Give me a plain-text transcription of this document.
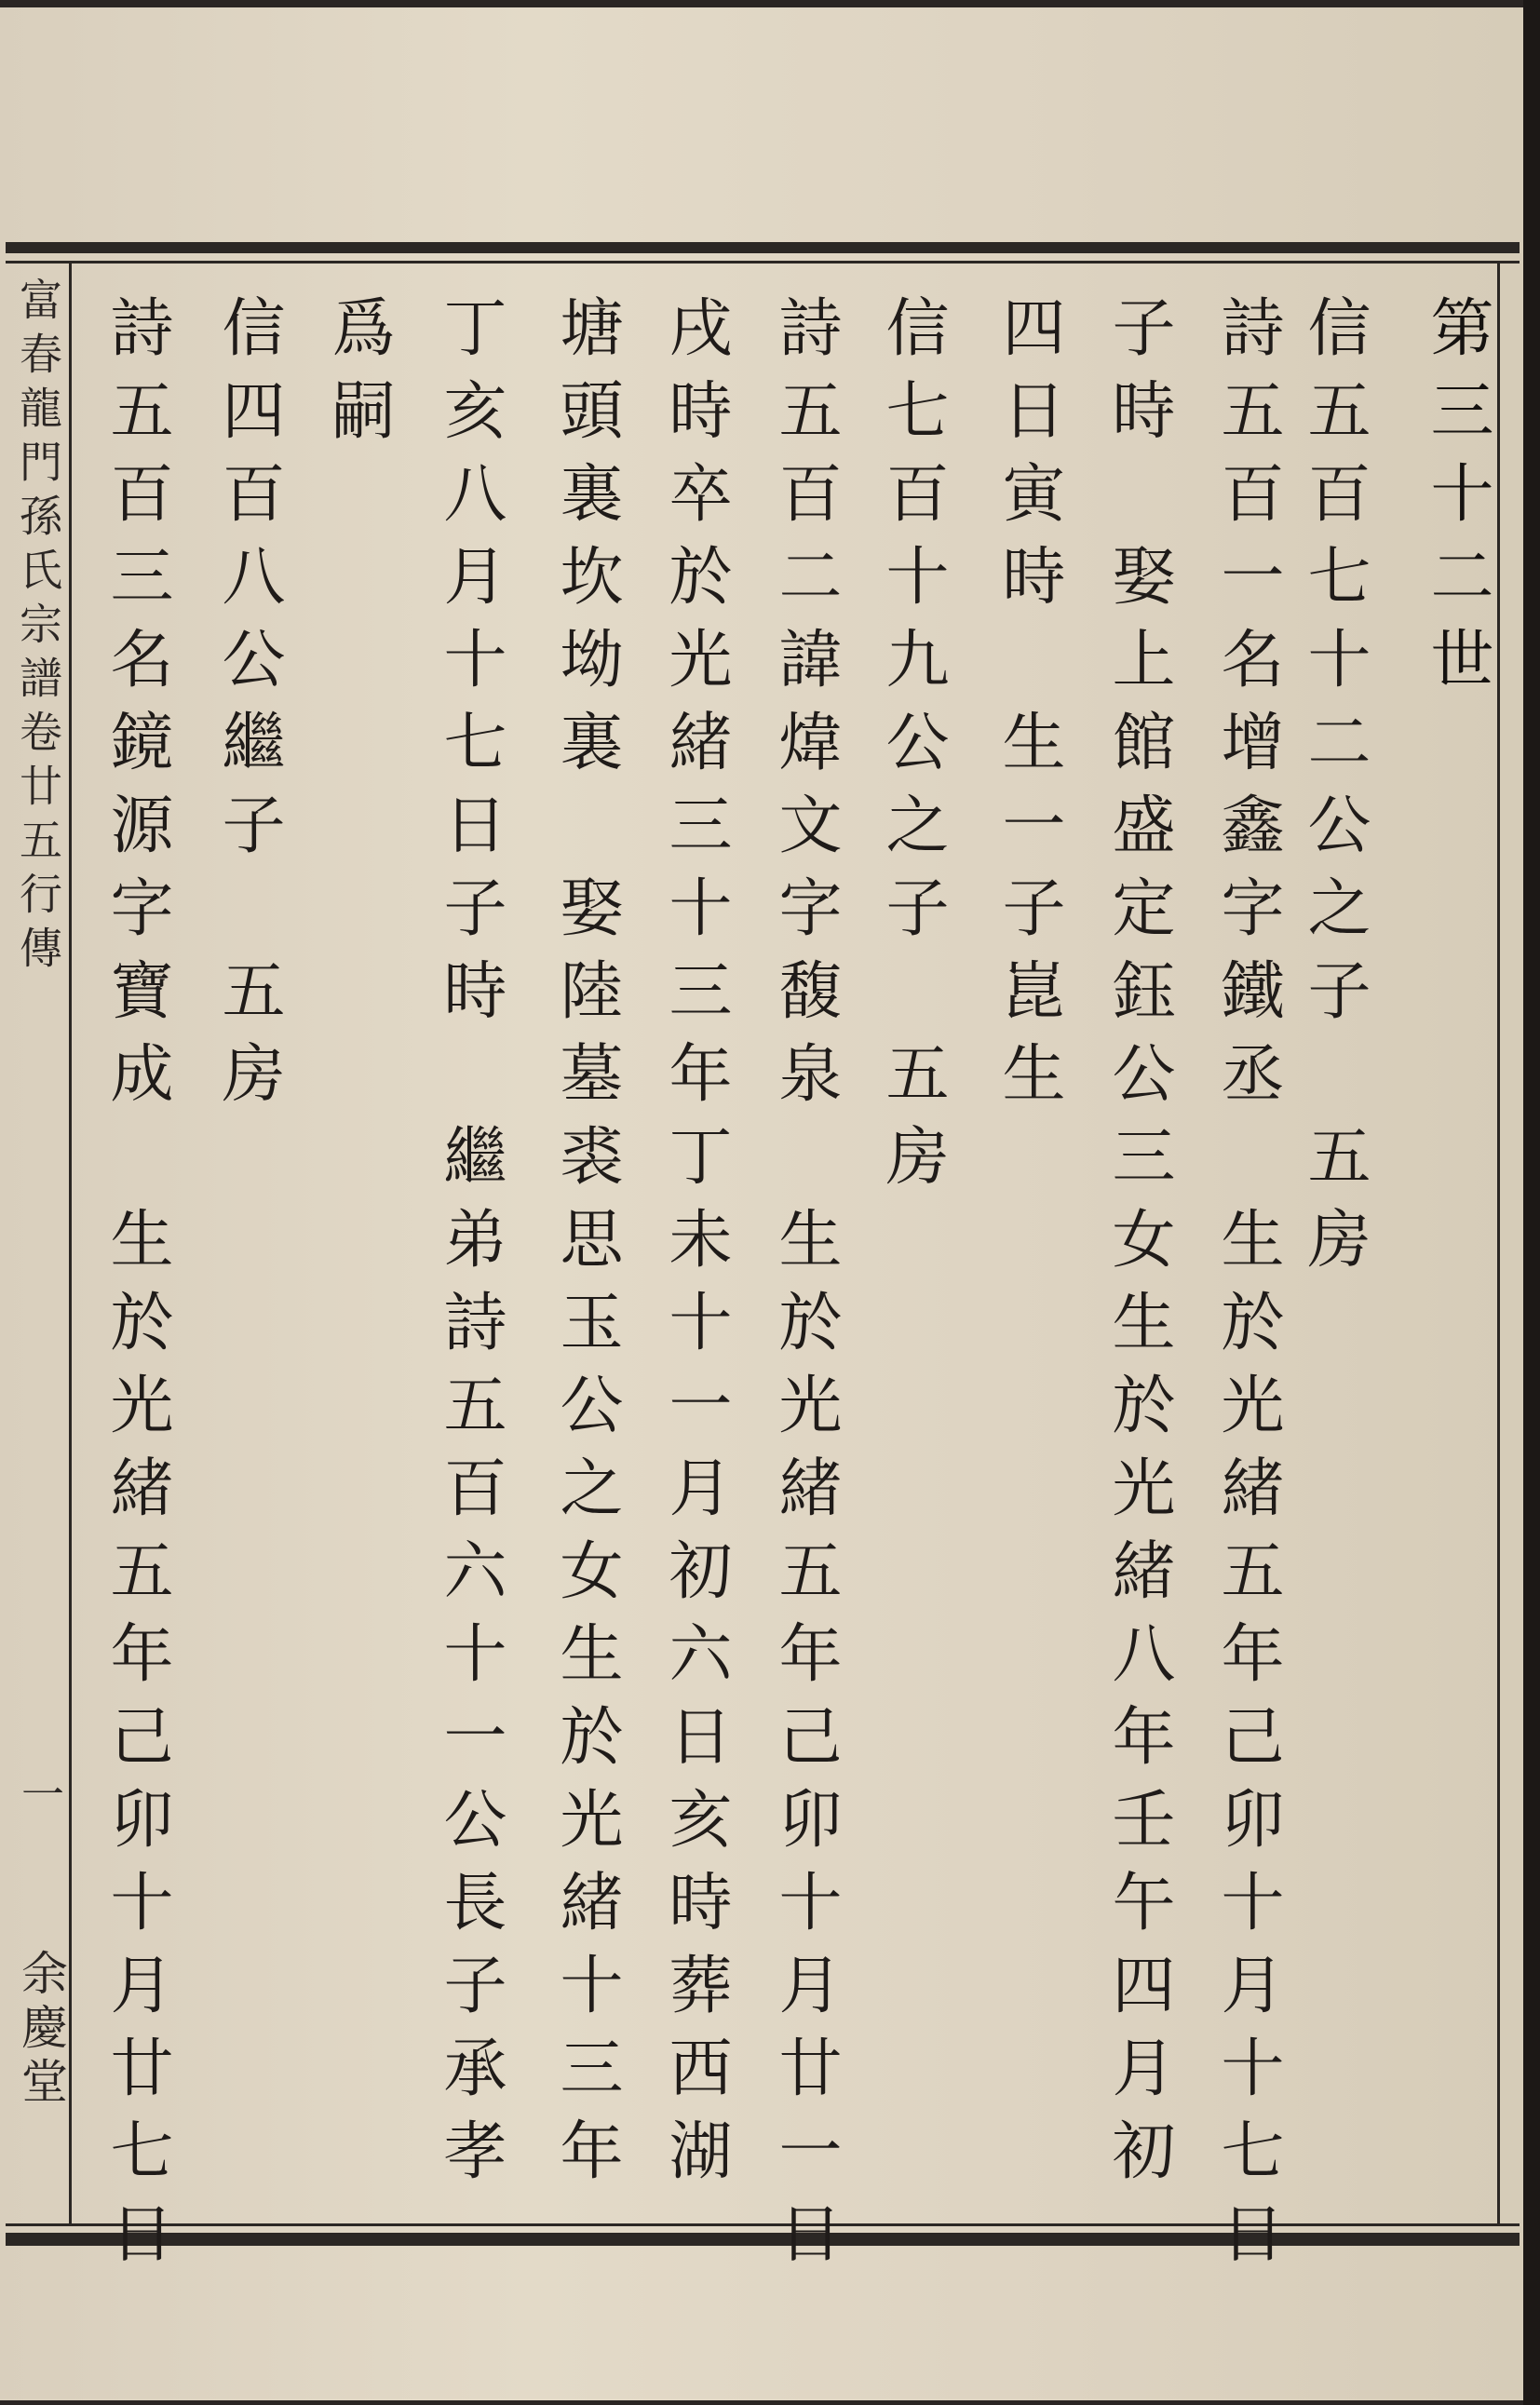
富春龍門孫氏宗譜卷廿五行傳
一
余慶堂
第三十二世
信五百七十二公之子　五房
詩五百一名增鑫字鐵丞　生於光緒五年己卯十月十七日
子時　娶上館盛定鈺公三女生於光緒八年壬午四月初
四日寅時　生一子崑生
信七百十九公之子　五房
詩五百二諱煒文字馥泉　生於光緒五年己卯十月廿一日
戌時卒於光緒三十三年丁未十一月初六日亥時葬西湖
塘頭裏坎坳裏　娶陸墓裘思玉公之女生於光緒十三年
丁亥八月十七日子時　繼弟詩五百六十一公長子承孝
爲嗣
信四百八公繼子　五房
詩五百三名鏡源字寶成　生於光緒五年己卯十月廿七日
